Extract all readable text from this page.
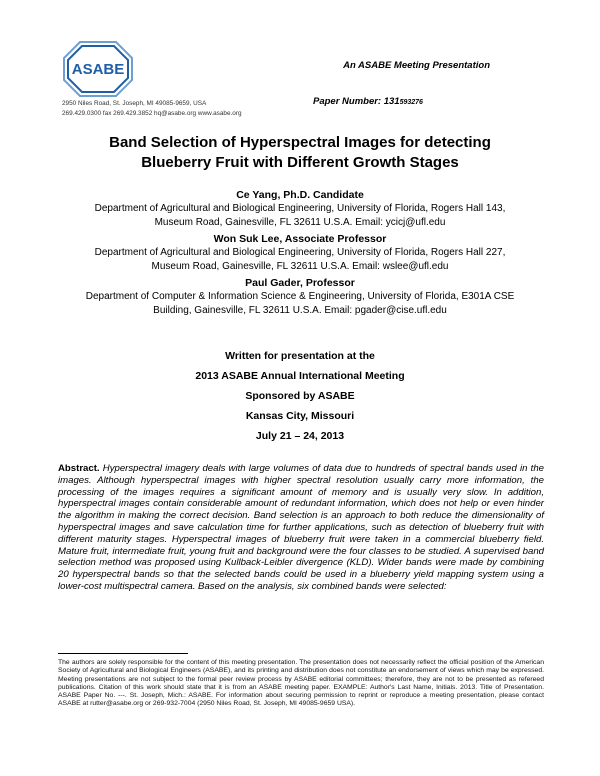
ASABE
2950 Niles Road, St. Joseph, MI 49085-9659, USA
269.429.0300 fax 269.429.3852 hq@asabe.org www.asabe.org
An ASABE Meeting Presentation
Paper Number: 131593276
Band Selection of Hyperspectral Images for detecting
Blueberry Fruit with Different Growth Stages
Ce Yang, Ph.D. Candidate
Department of Agricultural and Biological Engineering, University of Florida, Rogers Hall 143,
Museum Road, Gainesville, FL 32611 U.S.A. Email: ycicj@ufl.edu
Won Suk Lee, Associate Professor
Department of Agricultural and Biological Engineering, University of Florida, Rogers Hall 227,
Museum Road, Gainesville, FL 32611 U.S.A. Email: wslee@ufl.edu
Paul Gader, Professor
Department of Computer & Information Science & Engineering, University of Florida, E301A CSE
Building, Gainesville, FL 32611 U.S.A. Email: pgader@cise.ufl.edu
Written for presentation at the
2013 ASABE Annual International Meeting
Sponsored by ASABE
Kansas City, Missouri
July 21 – 24, 2013
Abstract. Hyperspectral imagery deals with large volumes of data due to hundreds of spectral bands used in the images. Although hyperspectral images with higher spectral resolution usually carry more information, the processing of the images requires a significant amount of memory and is usually very slow. In addition, hyperspectral images contain considerable amount of redundant information, which does not help or even hinder the algorithm in making the correct decision. Band selection is an approach to both reduce the dimensionality of hyperspectral images and save calculation time for further applications, such as detection of blueberry fruit with different maturity stages. Hyperspectral images of blueberry fruit were taken in a commercial blueberry field. Mature fruit, intermediate fruit, young fruit and background were the four classes to be studied. A supervised band selection method was proposed using Kullback-Leibler divergence (KLD). Wider bands were made by combining 20 hyperspectral bands so that the selected bands could be used in a blueberry yield mapping system using a lower-cost multispectral camera. Based on the analysis, six combined bands were selected:
The authors are solely responsible for the content of this meeting presentation. The presentation does not necessarily reflect the official position of the American Society of Agricultural and Biological Engineers (ASABE), and its printing and distribution does not constitute an endorsement of views which may be expressed. Meeting presentations are not subject to the formal peer review process by ASABE editorial committees; therefore, they are not to be presented as refereed publications. Citation of this work should state that it is from an ASABE meeting paper. EXAMPLE: Author's Last Name, Initials. 2013. Title of Presentation. ASABE Paper No. ---. St. Joseph, Mich.: ASABE. For information about securing permission to reprint or reproduce a meeting presentation, please contact ASABE at rutter@asabe.org or 269-932-7004 (2950 Niles Road, St. Joseph, MI 49085-9659 USA).
